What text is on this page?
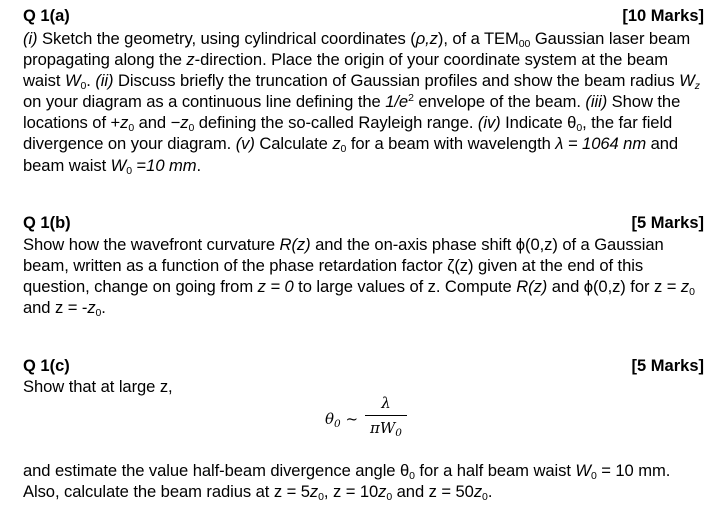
Q 1(a)	[10 Marks]

(i) Sketch the geometry, using cylindrical coordinates (ρ,z), of a $TEM_{00}$ Gaussian laser beam propagating along the z-direction. Place the origin of your coordinate system at the beam waist $W_0$. (ii) Discuss briefly the truncation of Gaussian profiles and show the beam radius $W_z$ on your diagram as a continuous line defining the $1/e^2$ envelope of the beam. (iii) Show the locations of $+z_0$ and $-z_0$ defining the so-called Rayleigh range. (iv) Indicate $\theta_0$, the far field divergence on your diagram. (v) Calculate $z_0$ for a beam with wavelength λ = 1064 nm and beam waist $W_0 =10$ mm.

Q 1(b)	[5 Marks]

Show how the wavefront curvature R(z) and the on-axis phase shift ϕ(0,z) of a Gaussian beam, written as a function of the phase retardation factor ζ(z) given at the end of this question, change on going from z = 0 to large values of z. Compute R(z) and ϕ(0,z) for $z = z_0$ and $z = -z_0$.

Q 1(c)	[5 Marks]

Show that at large z,

$\theta_0$ ~
λ
$\pi W_0$

and estimate the value half-beam divergence angle $\theta_0$ for a half beam waist $W_0 = 10$ mm. Also, calculate the beam radius at $z = 5z_0$, $z = 10z_0$ and $z = 50z_0$.
